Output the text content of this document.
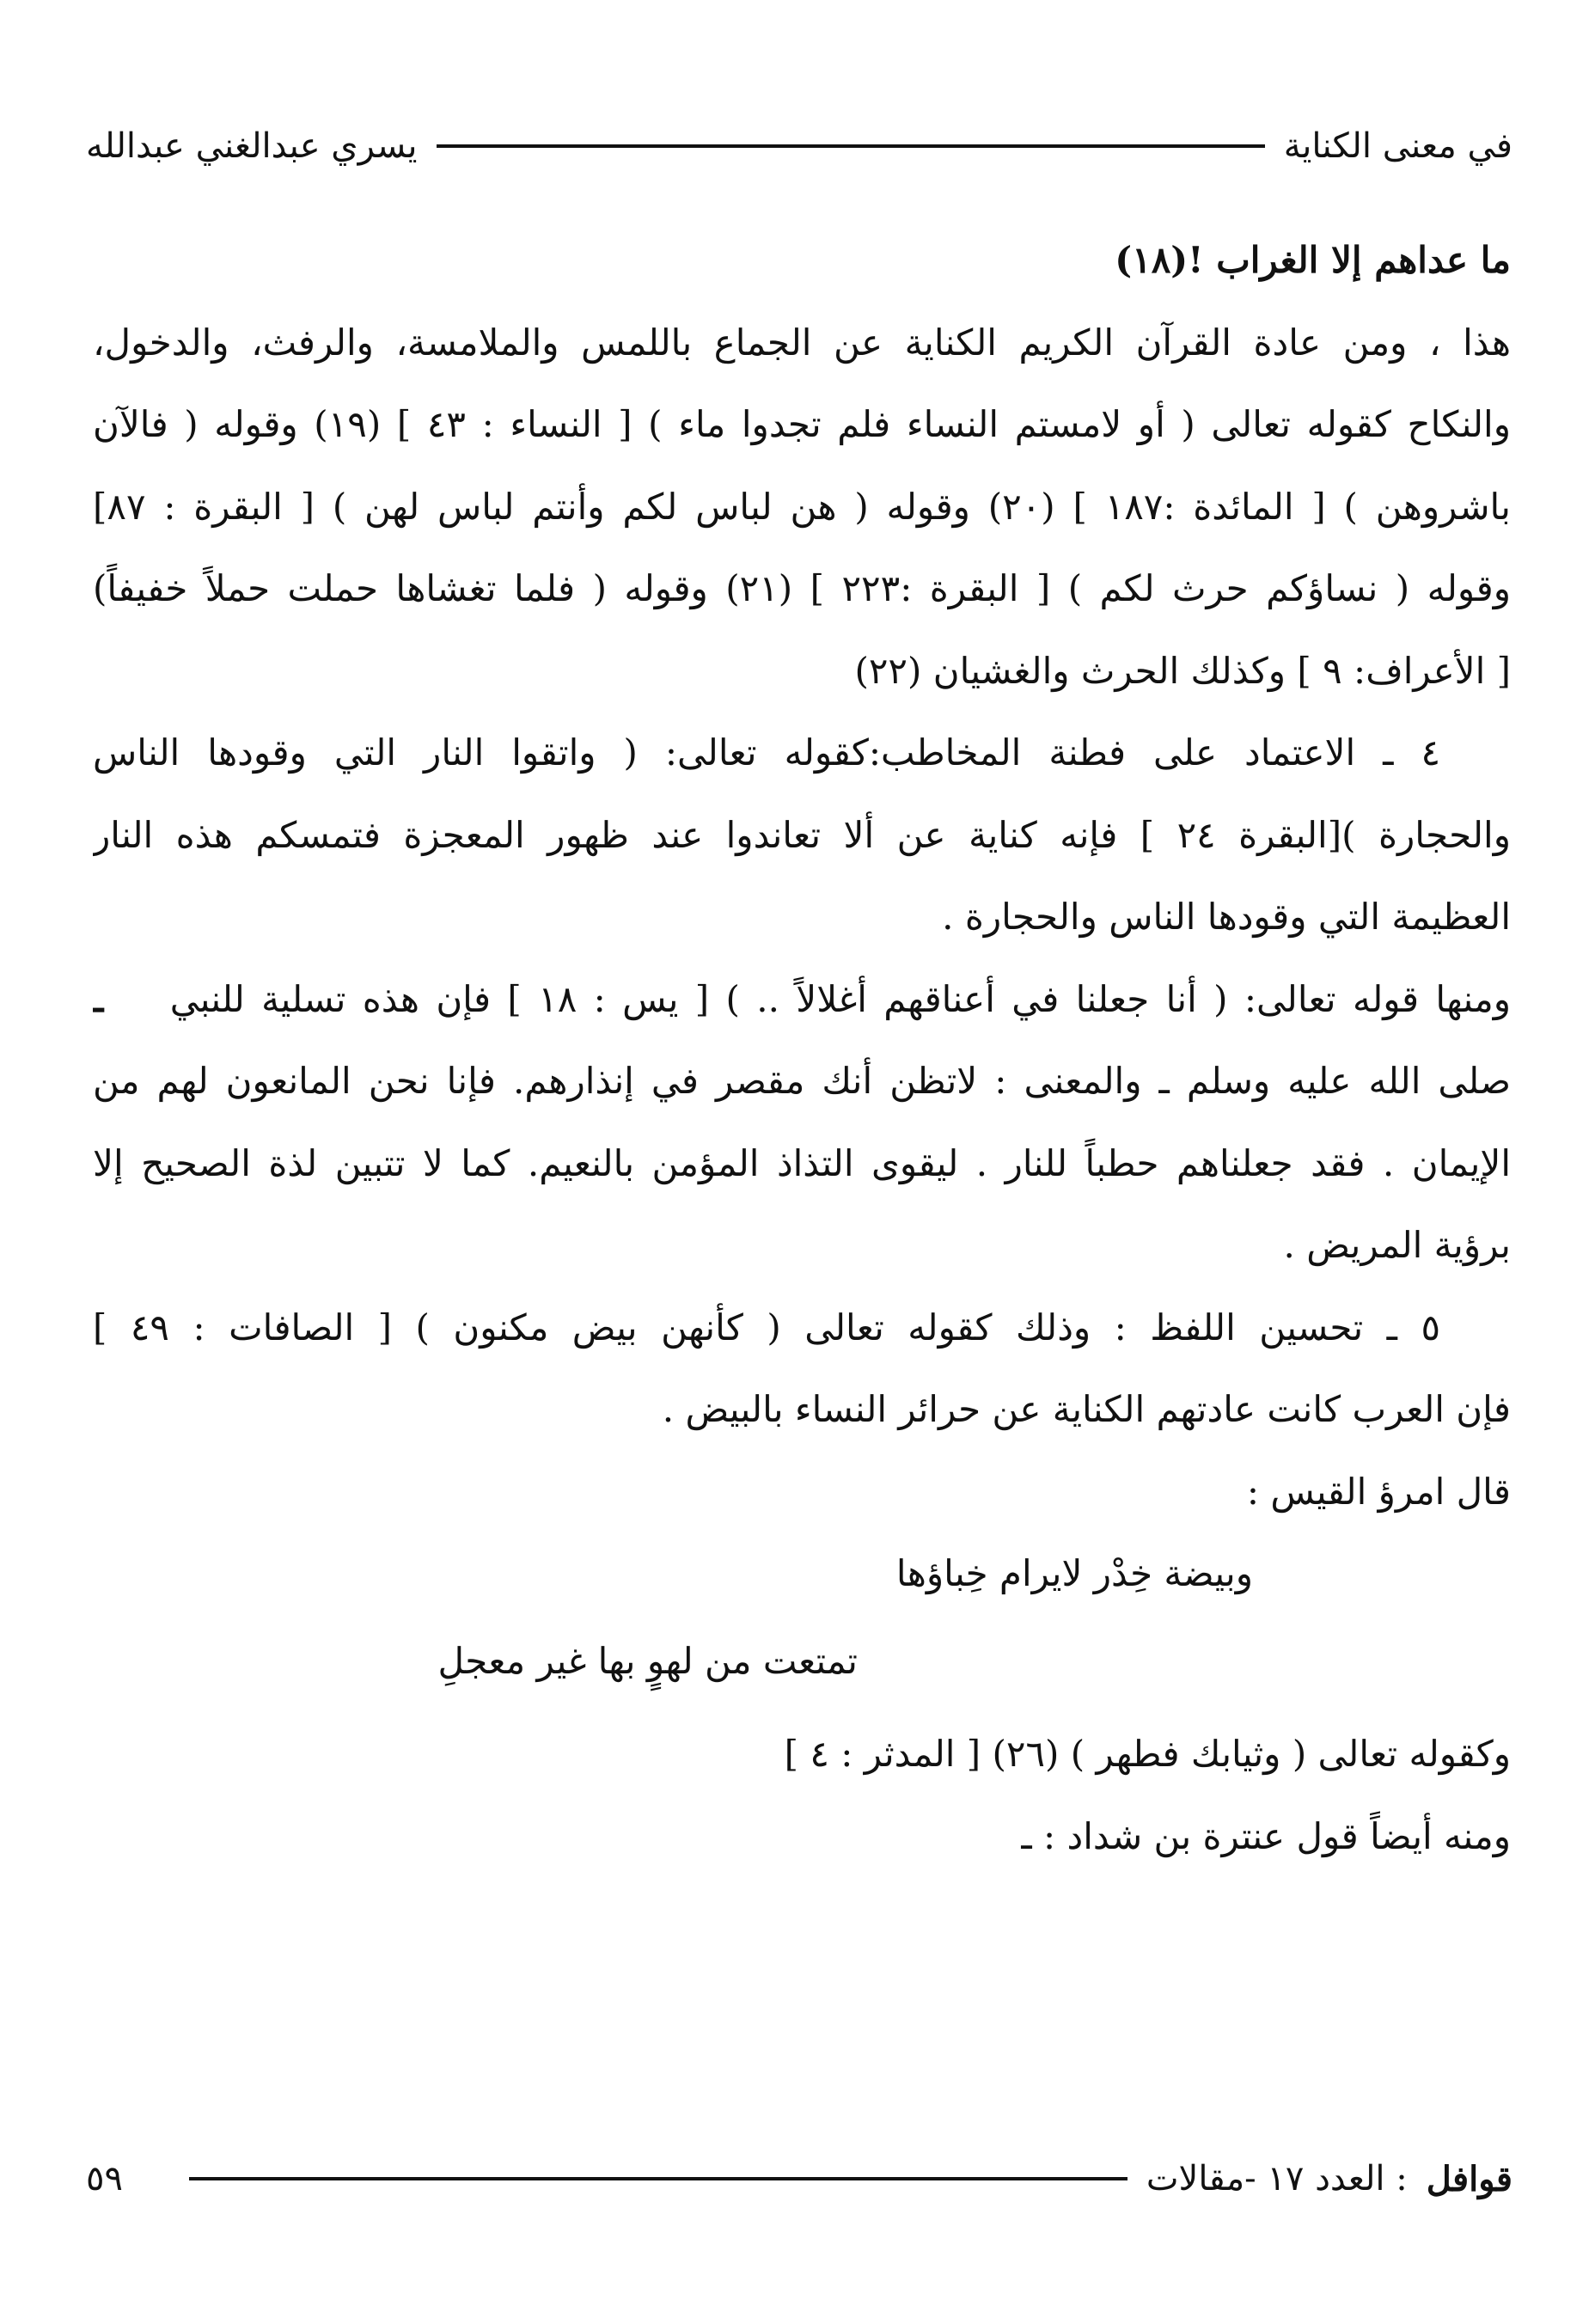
في معنى الكناية
يسري عبدالغني عبدالله
ما عداهم إلا الغراب !(١٨)
هذا ، ومن عادة القرآن الكريم الكناية عن الجماع باللمس والملامسة، والرفث، والدخول،
والنكاح كقوله تعالى ( أو لامستم النساء فلم تجدوا ماء ) [ النساء : ٤٣ ] (١٩) وقوله ( فالآن
باشروهن ) [ المائدة :١٨٧ ] (٢٠) وقوله ( هن لباس لكم وأنتم لباس لهن ) [ البقرة : ٨٧]
وقوله ( نساؤكم حرث لكم ) [ البقرة :٢٢٣ ] (٢١) وقوله ( فلما تغشاها حملت حملاً خفيفاً)
[ الأعراف: ٩ ] وكذلك الحرث والغشيان (٢٢)
٤ ـ الاعتماد على فطنة المخاطب:كقوله تعالى: ( واتقوا النار التي وقودها الناس
والحجارة )[البقرة ٢٤ ] فإنه كناية عن ألا تعاندوا عند ظهور المعجزة فتمسكم هذه النار
العظيمة التي وقودها الناس والحجارة .
ومنها قوله تعالى: ( أنا جعلنا في أعناقهم أغلالاً .. ) [ يس : ١٨ ] فإن هذه تسلية للنبي    ـ
صلى الله عليه وسلم ـ والمعنى : لاتظن أنك مقصر في إنذارهم. فإنا نحن المانعون لهم من
الإيمان . فقد جعلناهم حطباً للنار . ليقوى التذاذ المؤمن بالنعيم. كما لا تتبين لذة الصحيح إلا
برؤية المريض .
٥ ـ تحسين اللفظ : وذلك كقوله تعالى ( كأنهن بيض مكنون ) [ الصافات : ٤٩ ]
فإن العرب كانت عادتهم الكناية عن حرائر النساء بالبيض .
قال امرؤ القيس :
وبيضة خِدْر لايرام خِباؤها
تمتعت من لهوٍ بها غير معجلِ
وكقوله تعالى ( وثيابك فطهر ) (٢٦) [ المدثر : ٤ ]
ومنه أيضاً قول عنترة بن شداد : ـ
قوافل
: العدد ١٧ -مقالات
٥٩
